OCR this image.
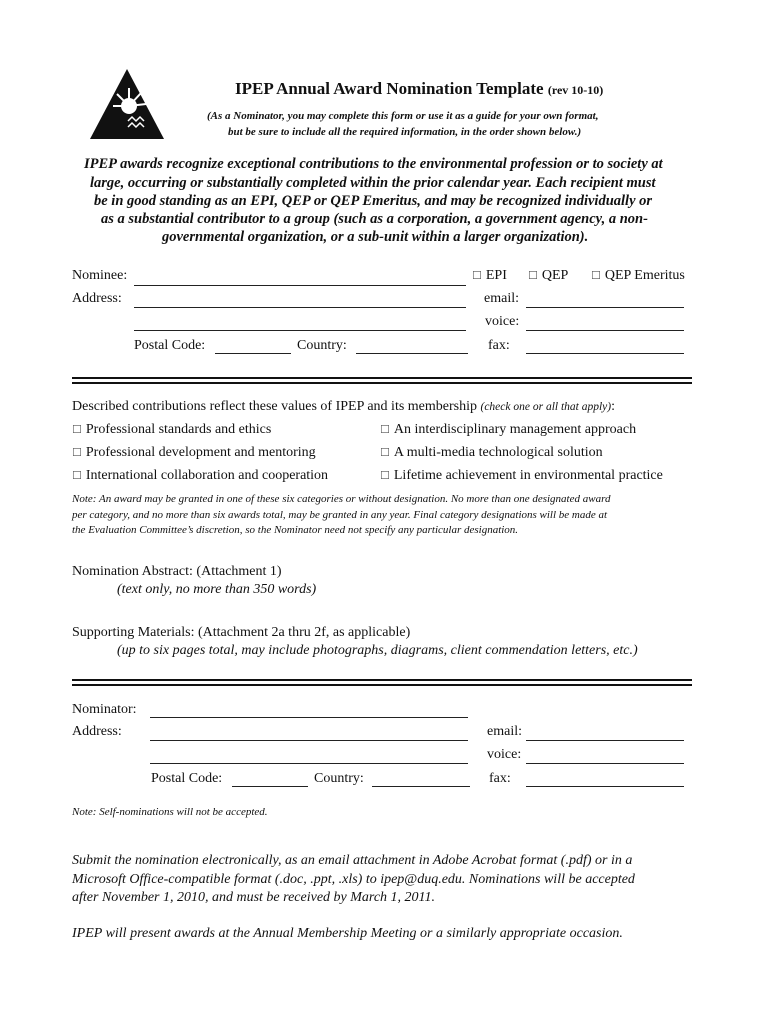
IPEP Annual Award Nomination Template (rev 10-10)
(As a Nominator, you may complete this form or use it as a guide for your own format,
but be sure to include all the required information, in the order shown below.)
IPEP awards recognize exceptional contributions to the environmental profession or to society at
large, occurring or substantially completed within the prior calendar year. Each recipient must
be in good standing as an EPI, QEP or QEP Emeritus, and may be recognized individually or
as a substantial contributor to a group (such as a corporation, a government agency, a non-
governmental organization, or a sub-unit within a larger organization).
Nominee:	☐ EPI ☐ QEP ☐ QEP Emeritus
Address:	email:
voice:
Postal Code:	Country:	fax:
Described contributions reflect these values of IPEP and its membership (check one or all that apply):
☐ Professional standards and ethics
☐ Professional development and mentoring
☐ International collaboration and cooperation
☐ An interdisciplinary management approach
☐ A multi-media technological solution
☐ Lifetime achievement in environmental practice
Note: An award may be granted in one of these six categories or without designation. No more than one designated award
per category, and no more than six awards total, may be granted in any year. Final category designations will be made at
the Evaluation Committee’s discretion, so the Nominator need not specify any particular designation.
Nomination Abstract: (Attachment 1)
(text only, no more than 350 words)
Supporting Materials: (Attachment 2a thru 2f, as applicable)
(up to six pages total, may include photographs, diagrams, client commendation letters, etc.)
Nominator:
Address:	email:
voice:
Postal Code:	Country:	fax:
Note: Self-nominations will not be accepted.
Submit the nomination electronically, as an email attachment in Adobe Acrobat format (.pdf) or in a
Microsoft Office-compatible format (.doc, .ppt, .xls) to ipep@duq.edu. Nominations will be accepted
after November 1, 2010, and must be received by March 1, 2011.
IPEP will present awards at the Annual Membership Meeting or a similarly appropriate occasion.
